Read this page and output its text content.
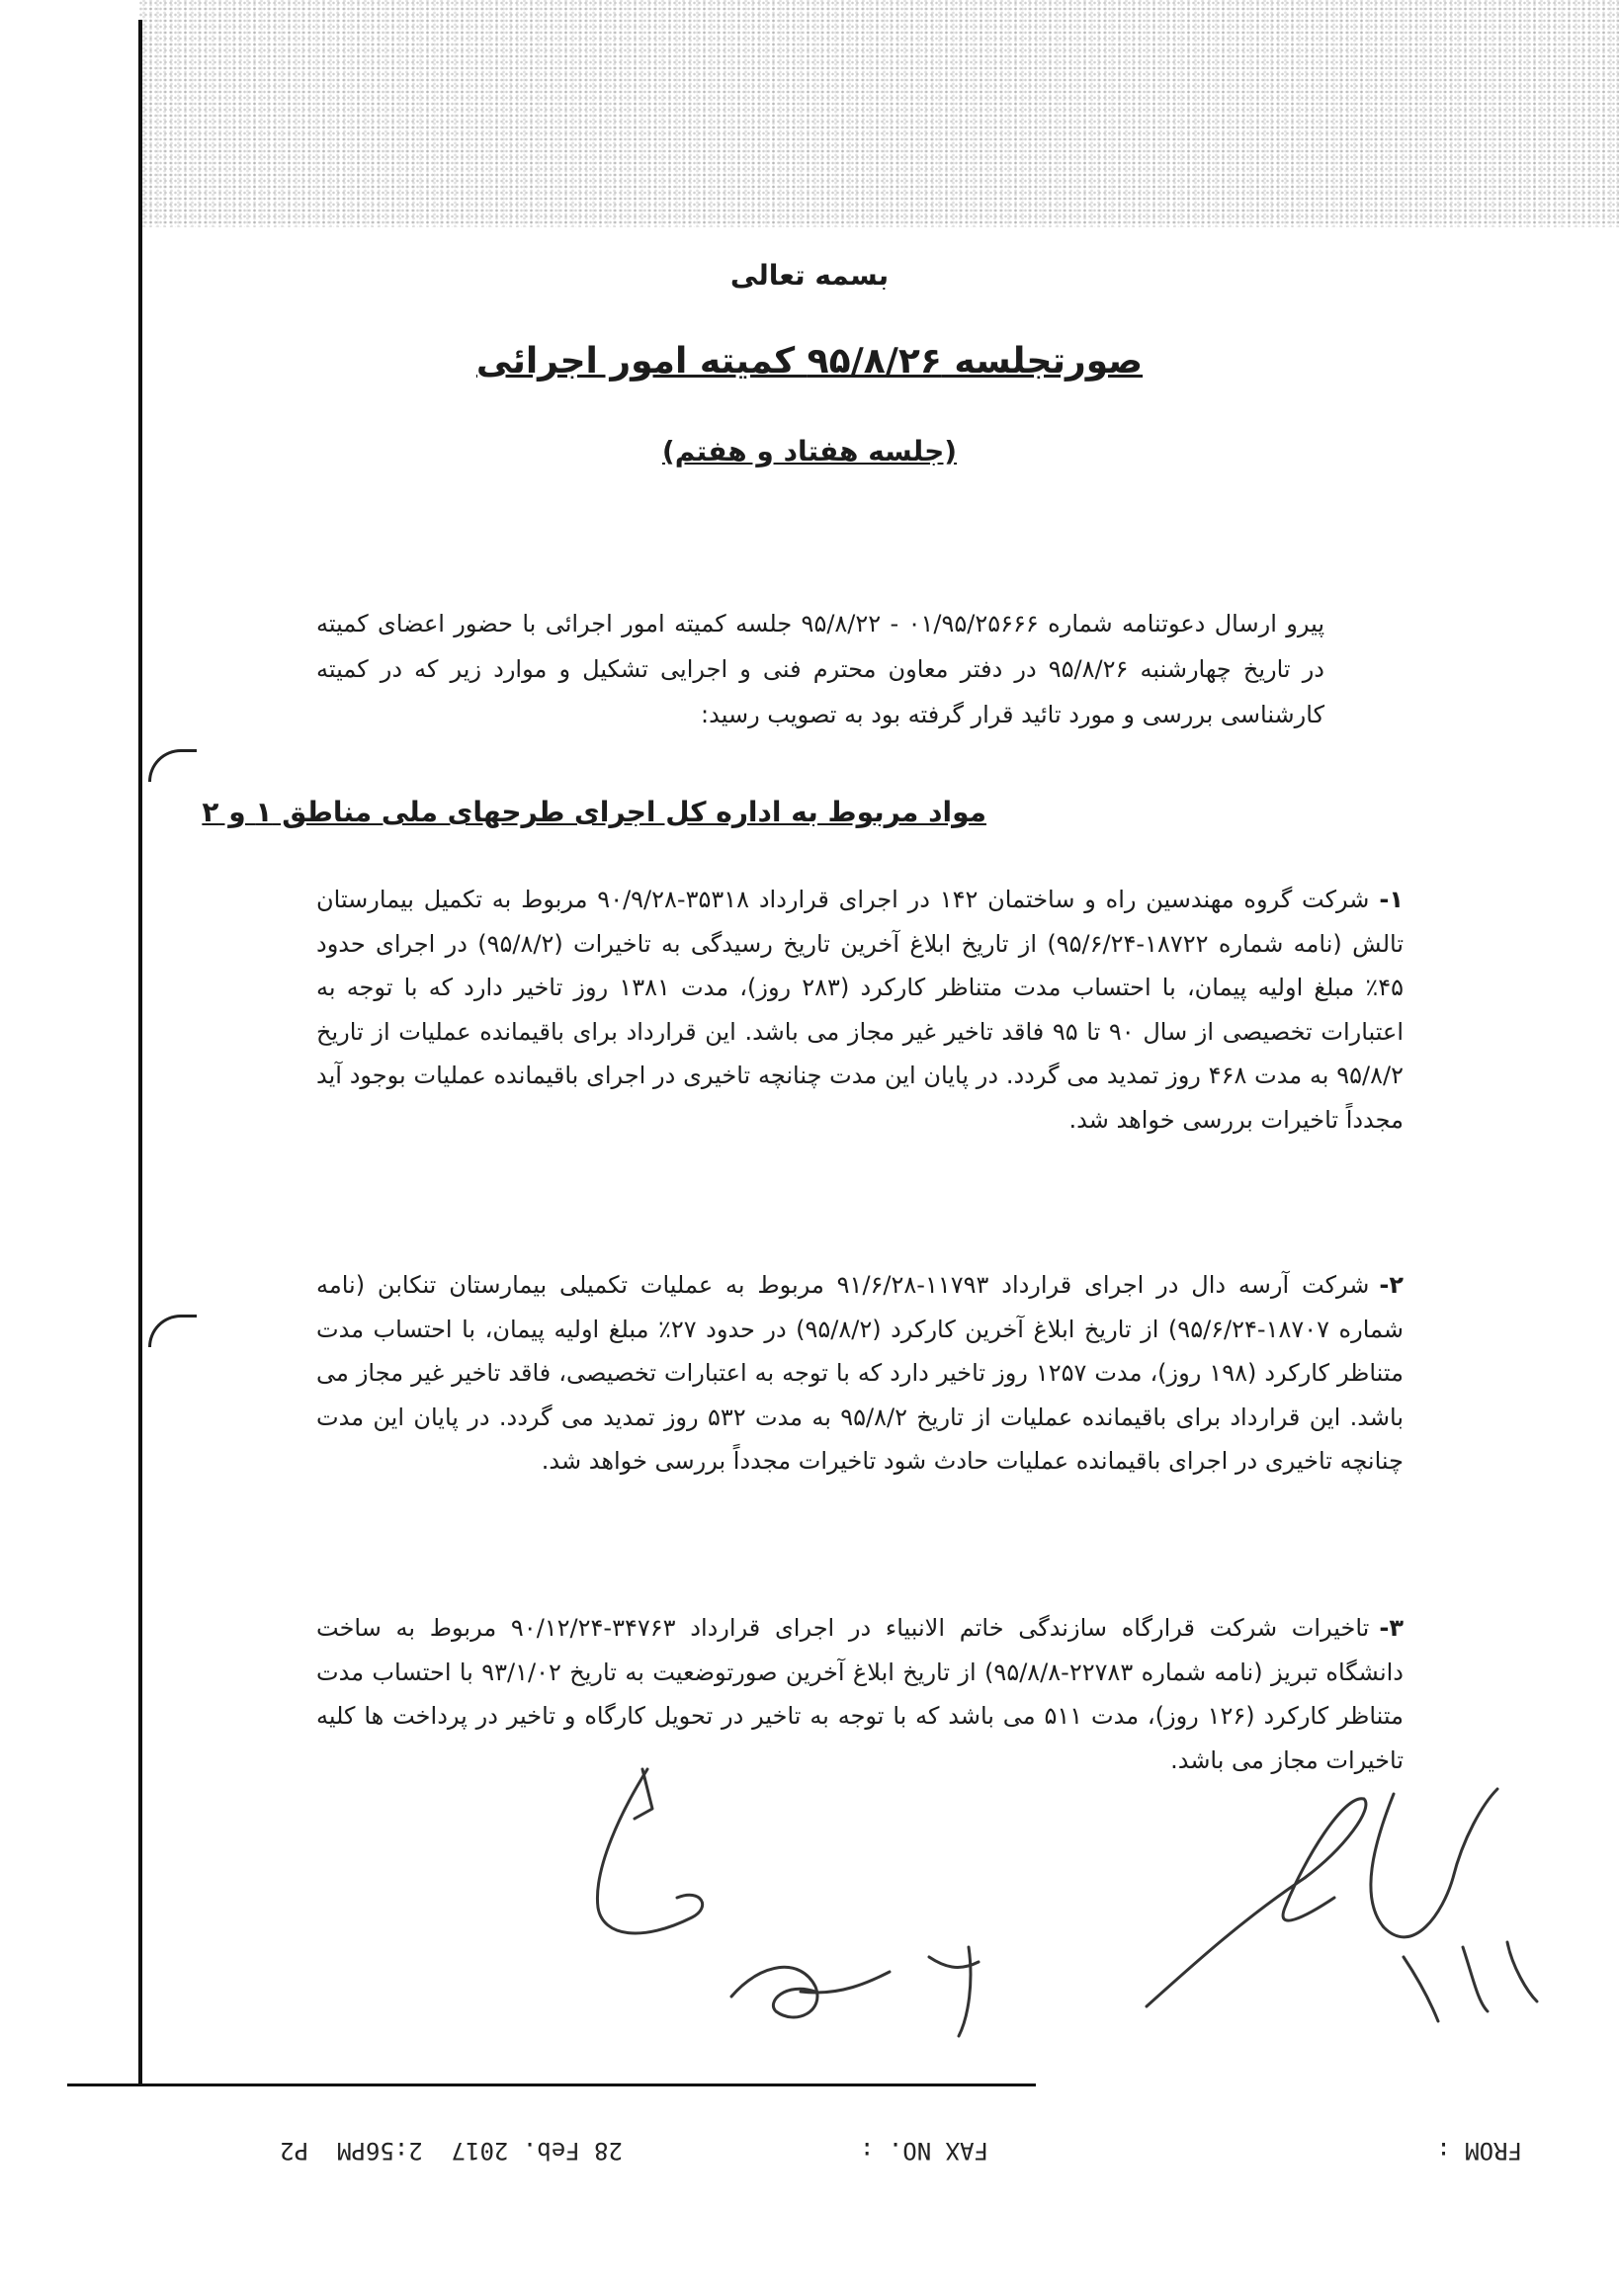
بسمه تعالی
صورتجلسه ۹۵/۸/۲۶ کمیته امور اجرائی
(جلسه هفتاد و هفتم)
پیرو ارسال دعوتنامه شماره ۰۱/۹۵/۲۵۶۶۶ - ۹۵/۸/۲۲ جلسه کمیته امور اجرائی با حضور اعضای کمیته در تاریخ چهارشنبه ۹۵/۸/۲۶ در دفتر معاون محترم فنی و اجرایی تشکیل و موارد زیر که در کمیته کارشناسی بررسی و مورد تائید قرار گرفته بود به تصویب رسید:
مواد مربوط به اداره کل اجرای طرحهای ملی مناطق ۱ و ۲
۱-شرکت گروه مهندسین راه و ساختمان ۱۴۲ در اجرای قرارداد ۳۵۳۱۸-۹۰/۹/۲۸ مربوط به تکمیل بیمارستان تالش (نامه شماره ۱۸۷۲۲-۹۵/۶/۲۴) از تاریخ ابلاغ آخرین تاریخ رسیدگی به تاخیرات (۹۵/۸/۲) در اجرای حدود ۴۵٪ مبلغ اولیه پیمان، با احتساب مدت متناظر کارکرد (۲۸۳ روز)، مدت ۱۳۸۱ روز تاخیر دارد که با توجه به اعتبارات تخصیصی از سال ۹۰ تا ۹۵ فاقد تاخیر غیر مجاز می باشد. این قرارداد برای باقیمانده عملیات از تاریخ ۹۵/۸/۲ به مدت ۴۶۸ روز تمدید می گردد. در پایان این مدت چنانچه تاخیری در اجرای باقیمانده عملیات بوجود آید مجدداً تاخیرات بررسی خواهد شد.
۲-شرکت آرسه دال در اجرای قرارداد ۱۱۷۹۳-۹۱/۶/۲۸ مربوط به عملیات تکمیلی بیمارستان تنکابن (نامه شماره ۱۸۷۰۷-۹۵/۶/۲۴) از تاریخ ابلاغ آخرین کارکرد (۹۵/۸/۲) در حدود ۲۷٪ مبلغ اولیه پیمان، با احتساب مدت متناظر کارکرد (۱۹۸ روز)، مدت ۱۲۵۷ روز تاخیر دارد که با توجه به اعتبارات تخصیصی، فاقد تاخیر غیر مجاز می باشد. این قرارداد برای باقیمانده عملیات از تاریخ ۹۵/۸/۲ به مدت ۵۳۲ روز تمدید می گردد. در پایان این مدت چنانچه تاخیری در اجرای باقیمانده عملیات حادث شود تاخیرات مجدداً بررسی خواهد شد.
۳-تاخیرات شرکت قرارگاه سازندگی خاتم الانبیاء در اجرای قرارداد ۳۴۷۶۳-۹۰/۱۲/۲۴ مربوط به ساخت دانشگاه تبریز (نامه شماره ۲۲۷۸۳-۹۵/۸/۸) از تاریخ ابلاغ آخرین صورتوضعیت به تاریخ ۹۳/۱/۰۲ با احتساب مدت متناظر کارکرد (۱۲۶ روز)، مدت ۵۱۱ می باشد که با توجه به تاخیر در تحویل کارگاه و تاخیر در پرداخت ها کلیه تاخیرات مجاز می باشد.
28 Feb. 2017  2:56PM  P2	FAX NO. :	FROM :
